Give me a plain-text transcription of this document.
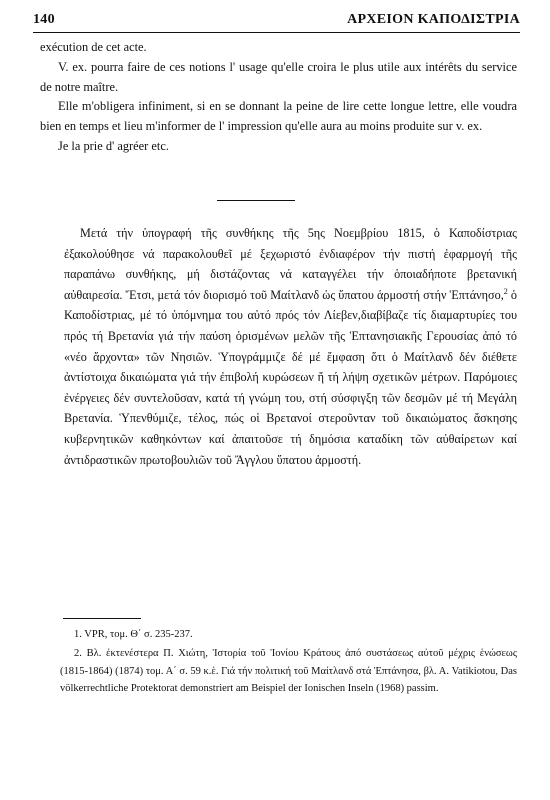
140	ΑΡΧΕΙΟΝ ΚΑΠΟΔΙΣΤΡΙΑ

exécution de cet acte.

V. ex. pourra faire de ces notions l' usage qu'elle croira le plus utile aux intérêts du service de notre maître.

Elle m'obligera infiniment, si en se donnant la peine de lire cette longue lettre, elle voudra bien en temps et lieu m'informer de l' impression qu'elle aura au moins produite sur v. ex.

Je la prie d' agréer etc.

Μετά τήν ὑπογραφή τῆς συνθήκης τῆς 5ης Νοεμβρίου 1815, ὁ Καποδίστριας ἐξακολούθησε νά παρακολουθεῖ μέ ξεχωριστό ἐνδιαφέρον τήν πιστή ἐφαρμογή τῆς παραπάνω συνθήκης, μή διστάζοντας νά καταγγέλει τήν ὁποιαδήποτε βρετανική αὐθαιρεσία. Ἔτσι, μετά τόν διορισμό τοῦ Μαίτλανδ ὡς ὕπατου ἁρμοστή στήν Ἑπτάνησο,$^2$ ὁ Καποδίστριας, μέ τό ὑπόμνημα του αὐτό πρός τόν Λίεβεν,διαβίβαζε τίς διαμαρτυρίες του πρός τή Βρετανία γιά τήν παύση ὁρισμένων μελῶν τῆς Ἑπτανησιακῆς Γερουσίας ἀπό τό «νέο ἄρχοντα» τῶν Νησιῶν. Ὑπογράμμιζε δέ μέ ἔμφαση ὅτι ὁ Μαίτλανδ δέν διέθετε ἀντίστοιχα δικαιώματα γιά τήν ἐπιβολή κυρώσεων ἤ τή λήψη σχετικῶν μέτρων. Παρόμοιες ἐνέργειες δέν συντελοῦσαν, κατά τή γνώμη του, στή σύσφιγξη τῶν δεσμῶν μέ τή Μεγάλη Βρετανία. Ὑπενθύμιζε, τέλος, πώς οἱ Βρετανοί στεροῦνταν τοῦ δικαιώματος ἄσκησης κυβερνητικῶν καθηκόντων καί ἀπαιτοῦσε τή δημόσια καταδίκη τῶν αὐθαίρετων καί ἀντιδραστικῶν πρωτοβουλιῶν τοῦ Ἄγγλου ὕπατου ἁρμοστή.

1. VPR, τομ. Θ΄ σ. 235-237.

2. Βλ. ἐκτενέστερα Π. Χιώτη, Ἱστορία τοῦ Ἰονίου Κράτους ἀπό συστάσεως αὐτοῦ μέχρις ἑνώσεως (1815-1864) (1874) τομ. Α΄ σ. 59 κ.ἑ. Γιά τήν πολιτική τοῦ Μαίτλανδ στά Ἑπτάνησα, βλ. Α. Vatikiotou, Das völkerrechtliche Protektorat demonstriert am Beispiel der Ionischen Inseln (1968) passim.
